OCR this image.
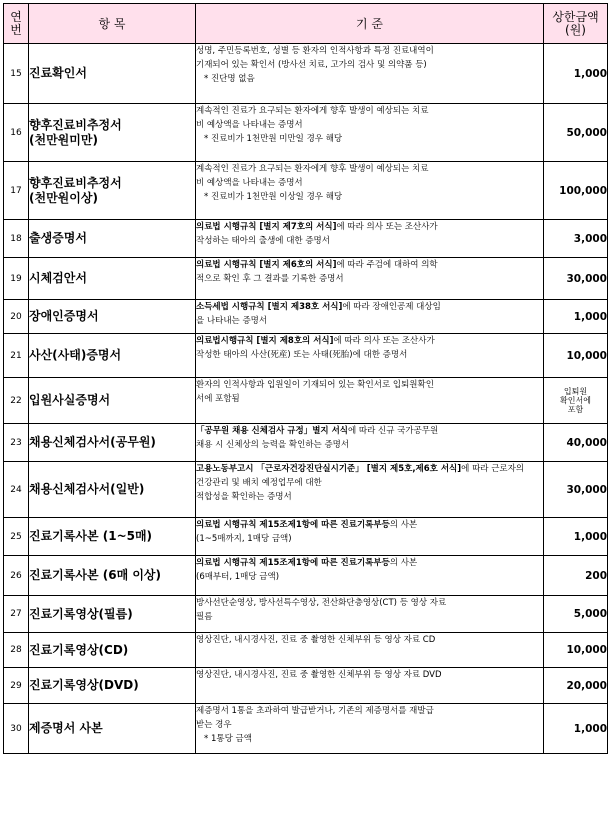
연
번	항 목	기 준	상한금액
(원)
15	진료확인서	성명, 주민등록번호, 성별 등 환자의 인적사항과 특정 진료내역이
기재되어 있는 확인서 (방사선 치료, 고가의 검사 및 의약품 등)
* 진단명 없음	1,000
16	향후진료비추정서
(천만원미만)	계속적인 진료가 요구되는 환자에게 향후 발생이 예상되는 치료
비 예상액을 나타내는 증명서
* 진료비가 1천만원 미만일 경우 해당	50,000
17	향후진료비추정서
(천만원이상)	계속적인 진료가 요구되는 환자에게 향후 발생이 예상되는 치료
비 예상액을 나타내는 증명서
* 진료비가 1천만원 이상일 경우 해당	100,000
18	출생증명서	의료법 시행규칙 [별지 제7호의 서식]에 따라 의사 또는 조산사가
작성하는 태아의 출생에 대한 증명서	3,000
19	시체검안서	의료법 시행규칙 [별지 제6호의 서식]에 따라 주검에 대하여 의학
적으로 확인 후 그 결과를 기록한 증명서	30,000
20	장애인증명서	소득세법 시행규칙 [별지 제38호 서식]에 따라 장애인공제 대상임
을 나타내는 증명서	1,000
21	사산(사태)증명서	의료법시행규칙 [별지 제8호의 서식]에 따라 의사 또는 조산사가
작성한 태아의 사산(死産) 또는 사태(死胎)에 대한 증명서	10,000
22	입원사실증명서	환자의 인적사항과 입원일이 기재되어 있는 확인서로 입퇴원확인
서에 포함됨	입퇴원
확인서에
포함
23	채용신체검사서(공무원)	「공무원 채용 신체검사 규정」별지 서식에 따라 신규 국가공무원
채용 시 신체상의 능력을 확인하는 증명서	40,000
24	채용신체검사서(일반)	고용노동부고시 「근로자건강진단실시기준」 [별지 제5호,제6호 서식]에 따라 근로자의 건강관리 및 배치 예정업무에 대한
적합성을 확인하는 증명서	30,000
25	진료기록사본 (1~5매)	의료법 시행규칙 제15조제1항에 따른 진료기록부등의 사본
(1~5매까지, 1매당 금액)	1,000
26	진료기록사본 (6매 이상)	의료법 시행규칙 제15조제1항에 따른 진료기록부등의 사본
(6매부터, 1매당 금액)	200
27	진료기록영상(필름)	방사선단순영상, 방사선특수영상, 전산화단층영상(CT) 등 영상 자료
필름	5,000
28	진료기록영상(CD)	영상진단, 내시경사진, 진료 중 촬영한 신체부위 등 영상 자료 CD	10,000
29	진료기록영상(DVD)	영상진단, 내시경사진, 진료 중 촬영한 신체부위 등 영상 자료 DVD	20,000
30	제증명서 사본	제증명서 1통을 초과하여 발급받거나, 기존의 제증명서를 재발급
받는 경우
* 1통당 금액	1,000
